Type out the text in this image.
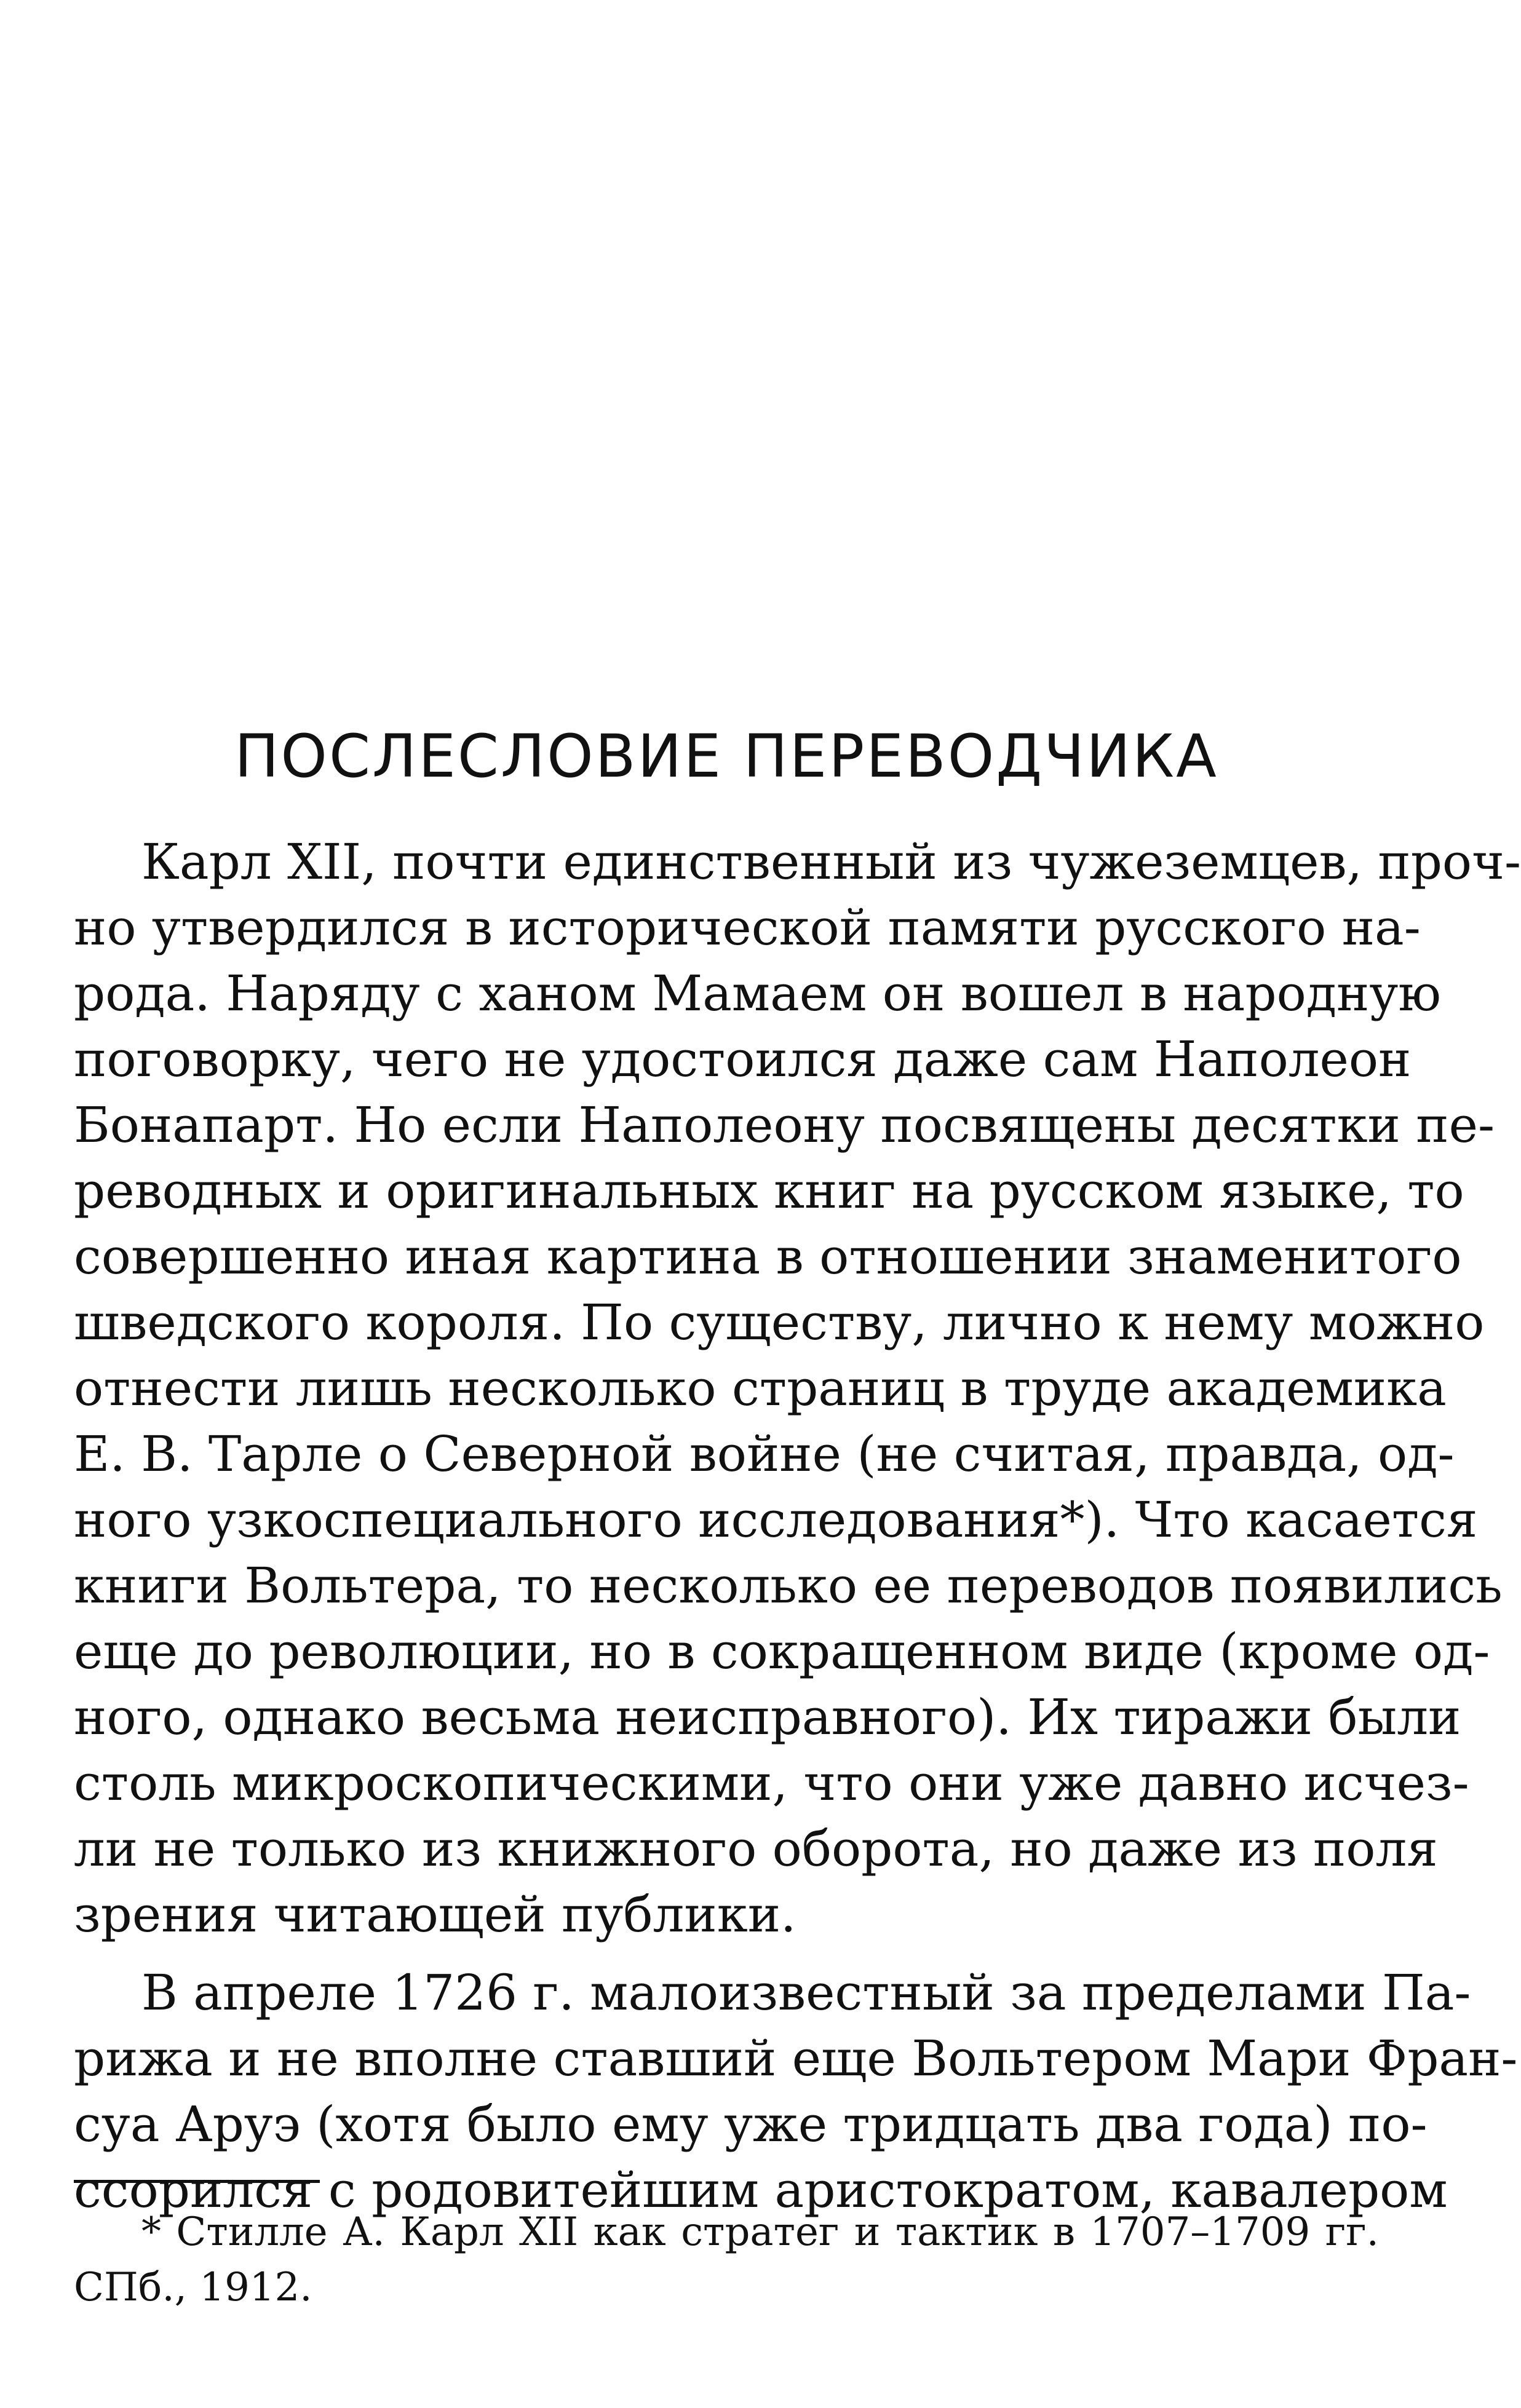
ПОСЛЕСЛОВИЕ ПЕРЕВОДЧИКА
Карл XII, почти единственный из чужеземцев, проч-
но утвердился в исторической памяти русского на-
рода. Наряду с ханом Мамаем он вошел в народную
поговорку, чего не удостоился даже сам Наполеон
Бонапарт. Но если Наполеону посвящены десятки пе-
реводных и оригинальных книг на русском языке, то
совершенно иная картина в отношении знаменитого
шведского короля. По существу, лично к нему можно
отнести лишь несколько страниц в труде академика
Е. В. Тарле о Северной войне (не считая, правда, од-
ного узкоспециального исследования*). Что касается
книги Вольтера, то несколько ее переводов появились
еще до революции, но в сокращенном виде (кроме од-
ного, однако весьма неисправного). Их тиражи были
столь микроскопическими, что они уже давно исчез-
ли не только из книжного оборота, но даже из поля
зрения читающей публики.
В апреле 1726 г. малоизвестный за пределами Па-
рижа и не вполне ставший еще Вольтером Мари Фран-
суа Аруэ (хотя было ему уже тридцать два года) по-
ссорился с родовитейшим аристократом, кавалером
* Стилле А. Карл XII как стратег и тактик в 1707–1709 гг.
СПб., 1912.
